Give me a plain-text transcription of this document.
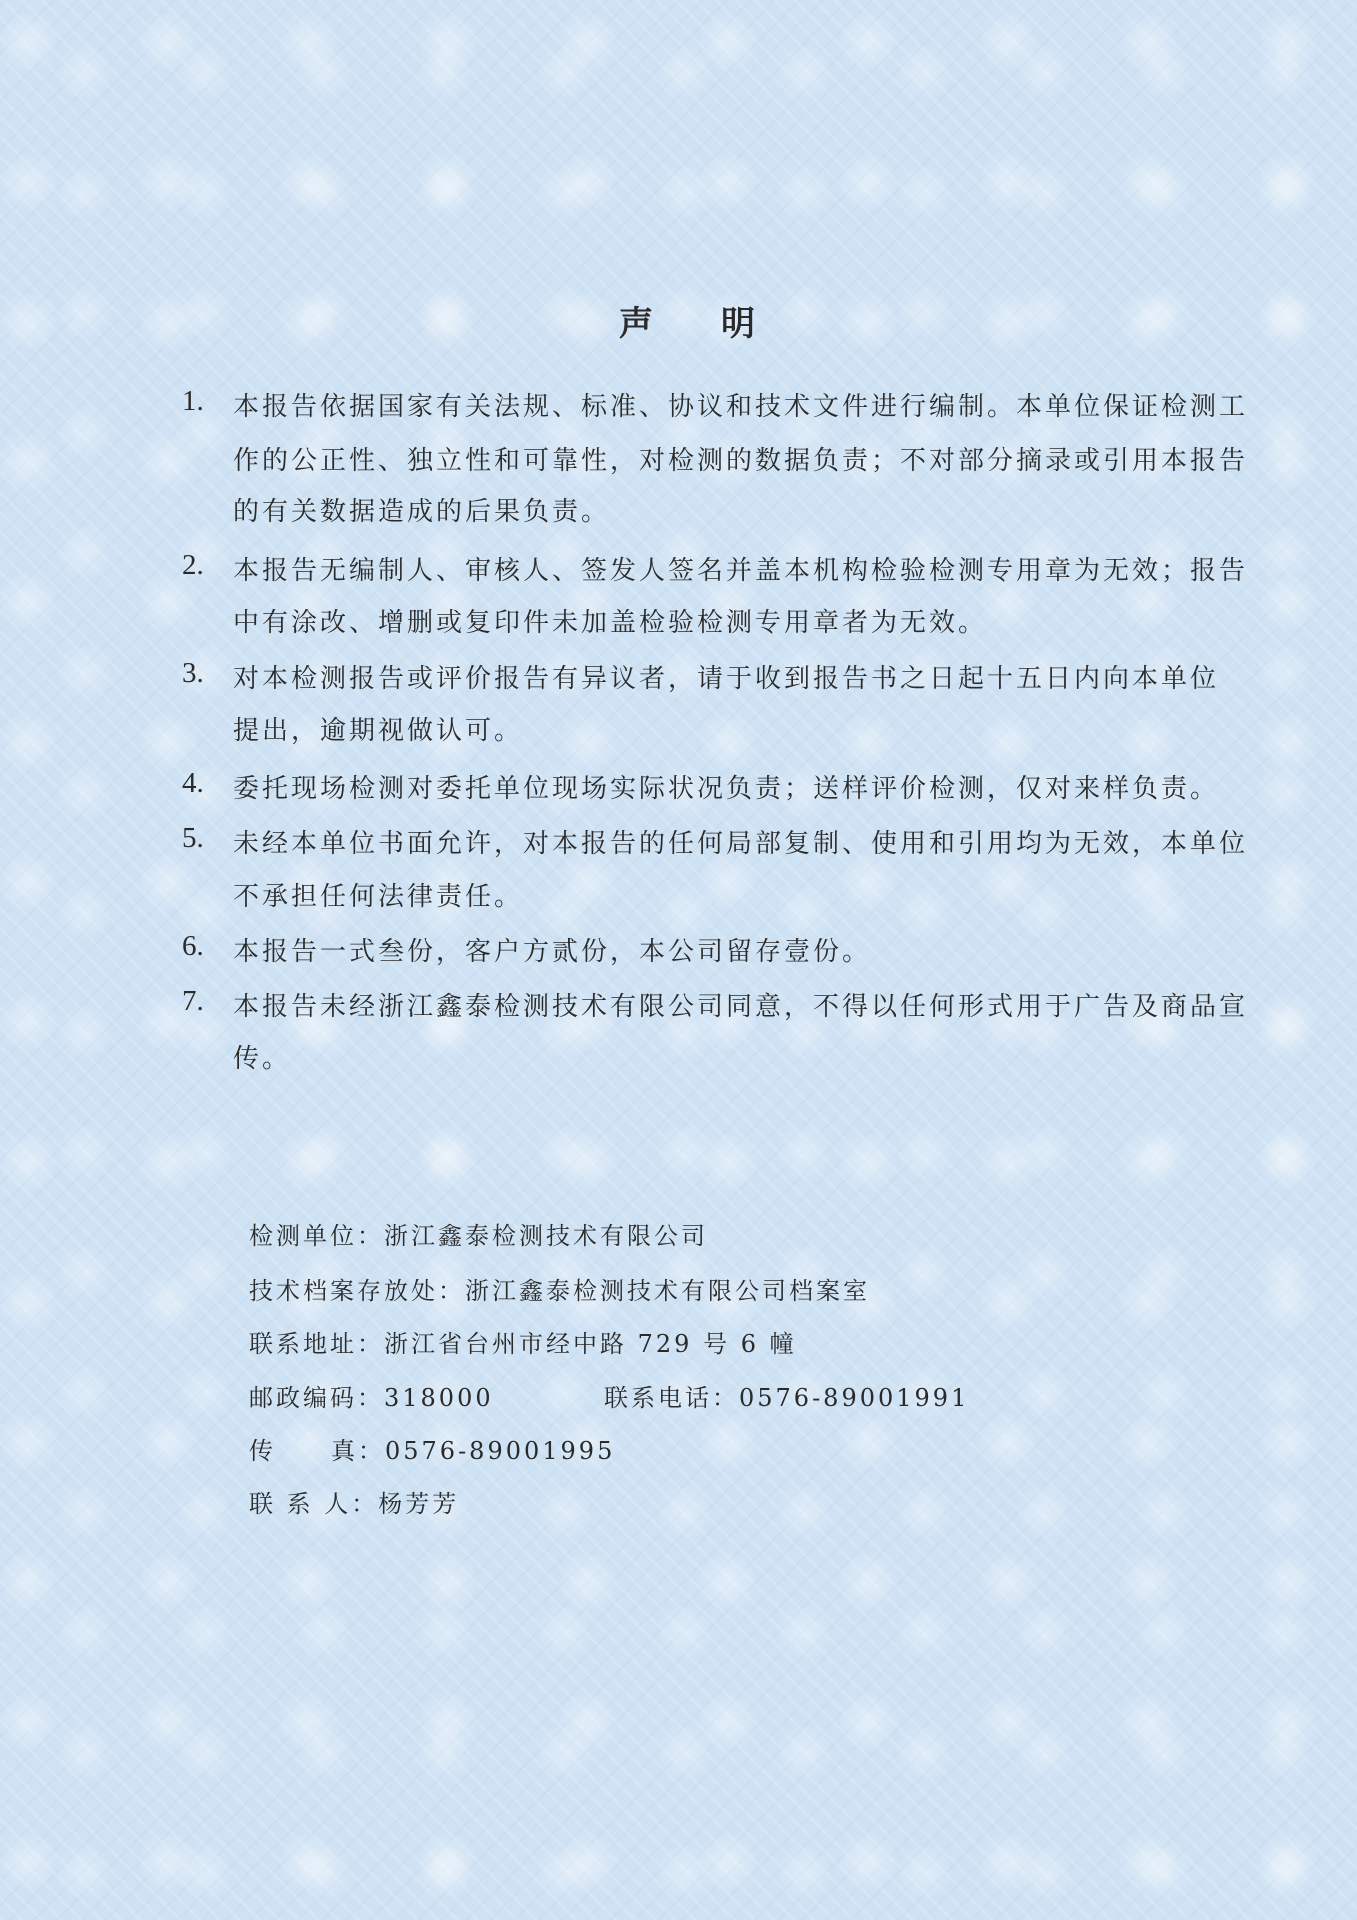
声 明
1. 本报告依据国家有关法规、标准、协议和技术文件进行编制。本单位保证检测工
作的公正性、独立性和可靠性，对检测的数据负责；不对部分摘录或引用本报告
的有关数据造成的后果负责。
2. 本报告无编制人、审核人、签发人签名并盖本机构检验检测专用章为无效；报告
中有涂改、增删或复印件未加盖检验检测专用章者为无效。
3. 对本检测报告或评价报告有异议者，请于收到报告书之日起十五日内向本单位
提出，逾期视做认可。
4. 委托现场检测对委托单位现场实际状况负责；送样评价检测，仅对来样负责。
5. 未经本单位书面允许，对本报告的任何局部复制、使用和引用均为无效，本单位
不承担任何法律责任。
6. 本报告一式叁份，客户方贰份，本公司留存壹份。
7. 本报告未经浙江鑫泰检测技术有限公司同意，不得以任何形式用于广告及商品宣
传。
检测单位：浙江鑫泰检测技术有限公司
技术档案存放处：浙江鑫泰检测技术有限公司档案室
联系地址：浙江省台州市经中路 729 号 6 幢
邮政编码：318000	联系电话：0576-89001991
传 真：0576-89001995
联 系 人：杨芳芳
